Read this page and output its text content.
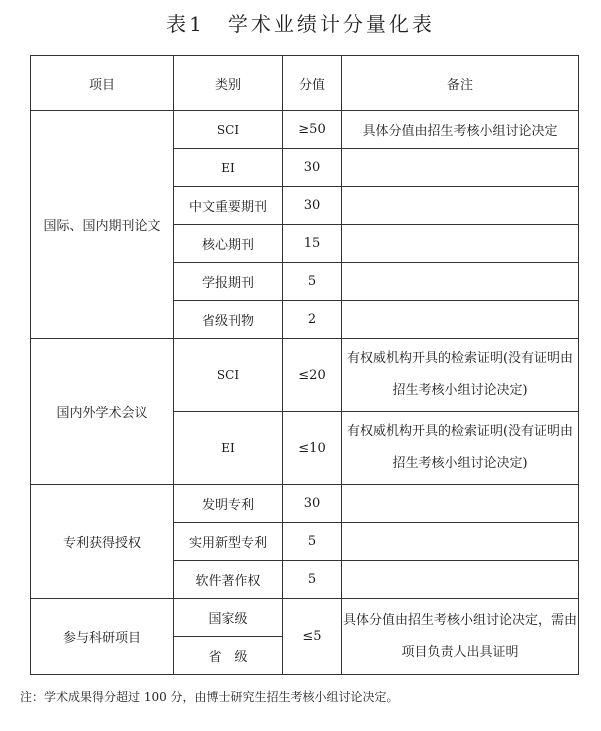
表1　学术业绩计分量化表
项目	类别	分值	备注
国际、国内期刊论文	SCI	≥50	具体分值由招生考核小组讨论决定
	EI	30	
	中文重要期刊	30	
	核心期刊	15	
	学报期刊	5	
	省级刊物	2	
国内外学术会议	SCI	≤20	有权威机构开具的检索证明(没有证明由招生考核小组讨论决定)
	EI	≤10	有权威机构开具的检索证明(没有证明由招生考核小组讨论决定)
专利获得授权	发明专利	30	
	实用新型专利	5	
	软件著作权	5	
参与科研项目	国家级	≤5	具体分值由招生考核小组讨论决定，需由项目负责人出具证明
	省　级		
注：学术成果得分超过 100 分，由博士研究生招生考核小组讨论决定。
